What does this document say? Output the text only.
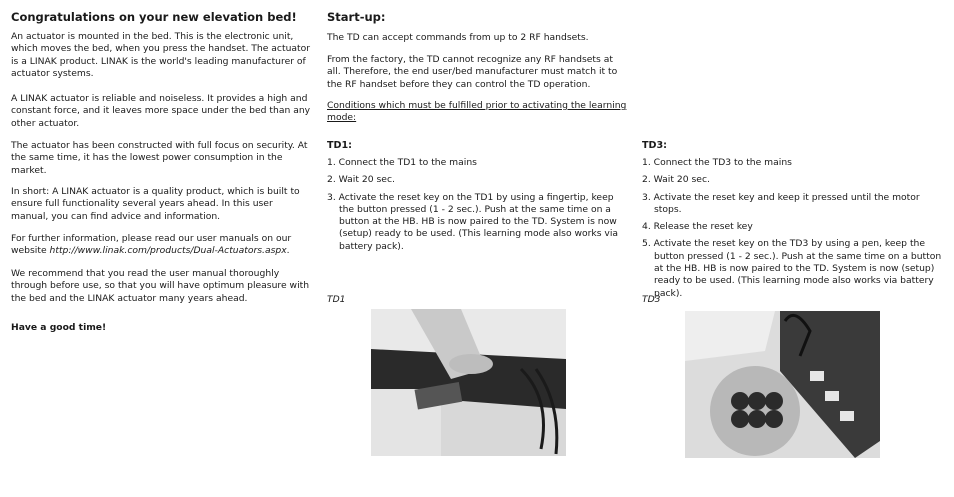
Congratulations on your new elevation bed!

An actuator is mounted in the bed. This is the electronic unit, which moves the bed, when you press the handset. The actuator is a LINAK product. LINAK is the world's leading manufacturer of actuator systems.

A LINAK actuator is reliable and noiseless. It provides a high and constant force, and it leaves more space under the bed than any other actuator.

The actuator has been constructed with full focus on security. At the same time, it has the lowest power consumption in the market.

In short: A LINAK actuator is a quality product, which is built to ensure full functionality several years ahead. In this user manual, you can find advice and information.

For further information, please read our user manuals on our website http://www.linak.com/products/Dual-Actuators.aspx.

We recommend that you read the user manual thoroughly through before use, so that you will have optimum pleasure with the bed and the LINAK actuator many years ahead.

Have a good time!

Start-up:

The TD can accept commands from up to 2 RF handsets.

From the factory, the TD cannot recognize any RF handsets at all. Therefore, the end user/bed manufacturer must match it to the RF handset before they can control the TD operation.

Conditions which must be fulfilled prior to activating the learning mode:

TD1:

1. Connect the TD1 to the mains
2. Wait 20 sec.
3. Activate the reset key on the TD1 by using a fingertip, keep the button pressed (1 - 2 sec.). Push at the same time on a button at the HB. HB is now paired to the TD. System is now (setup) ready to be used. (This learning mode also works via battery pack).
TD1

TD3:

1. Connect the TD3 to the mains
2. Wait 20 sec.
3. Activate the reset key and keep it pressed until the motor stops.
4. Release the reset key
5. Activate the reset key on the TD3 by using a pen, keep the button pressed (1 - 2 sec.). Push at the same time on a button at the HB. HB is now paired to the TD. System is now (setup) ready to be used. (This learning mode also works via battery pack).
TD3
